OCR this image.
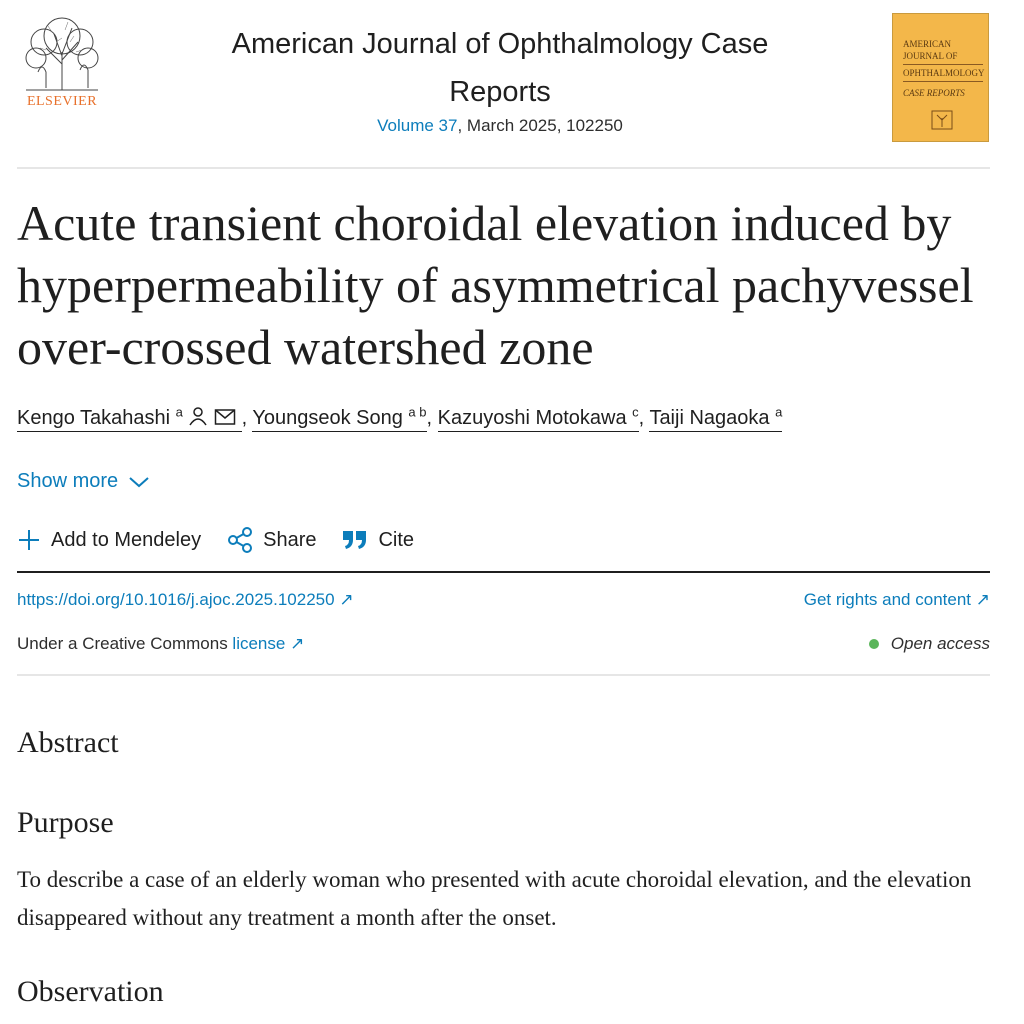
ELSEVIER
American Journal of Ophthalmology Case Reports
Volume 37, March 2025, 102250
AMERICAN
JOURNAL OF
OPHTHALMOLOGY
CASE REPORTS
Acute transient choroidal elevation induced by hyperpermeability of asymmetrical pachyvessel over-crossed watershed zone
Kengo Takahashi $^a$	, Youngseok Song $^{a b}$, Kazuyoshi Motokawa $^c$, Taiji Nagaoka $^a$
Show more
Add to Mendeley	Share	Cite
https://doi.org/10.1016/j.ajoc.2025.102250 ↗	Get rights and content ↗
Under a Creative Commons license ↗	Open access
Abstract
Purpose
To describe a case of an elderly woman who presented with acute choroidal elevation, and the elevation disappeared without any treatment a month after the onset.
Observation
